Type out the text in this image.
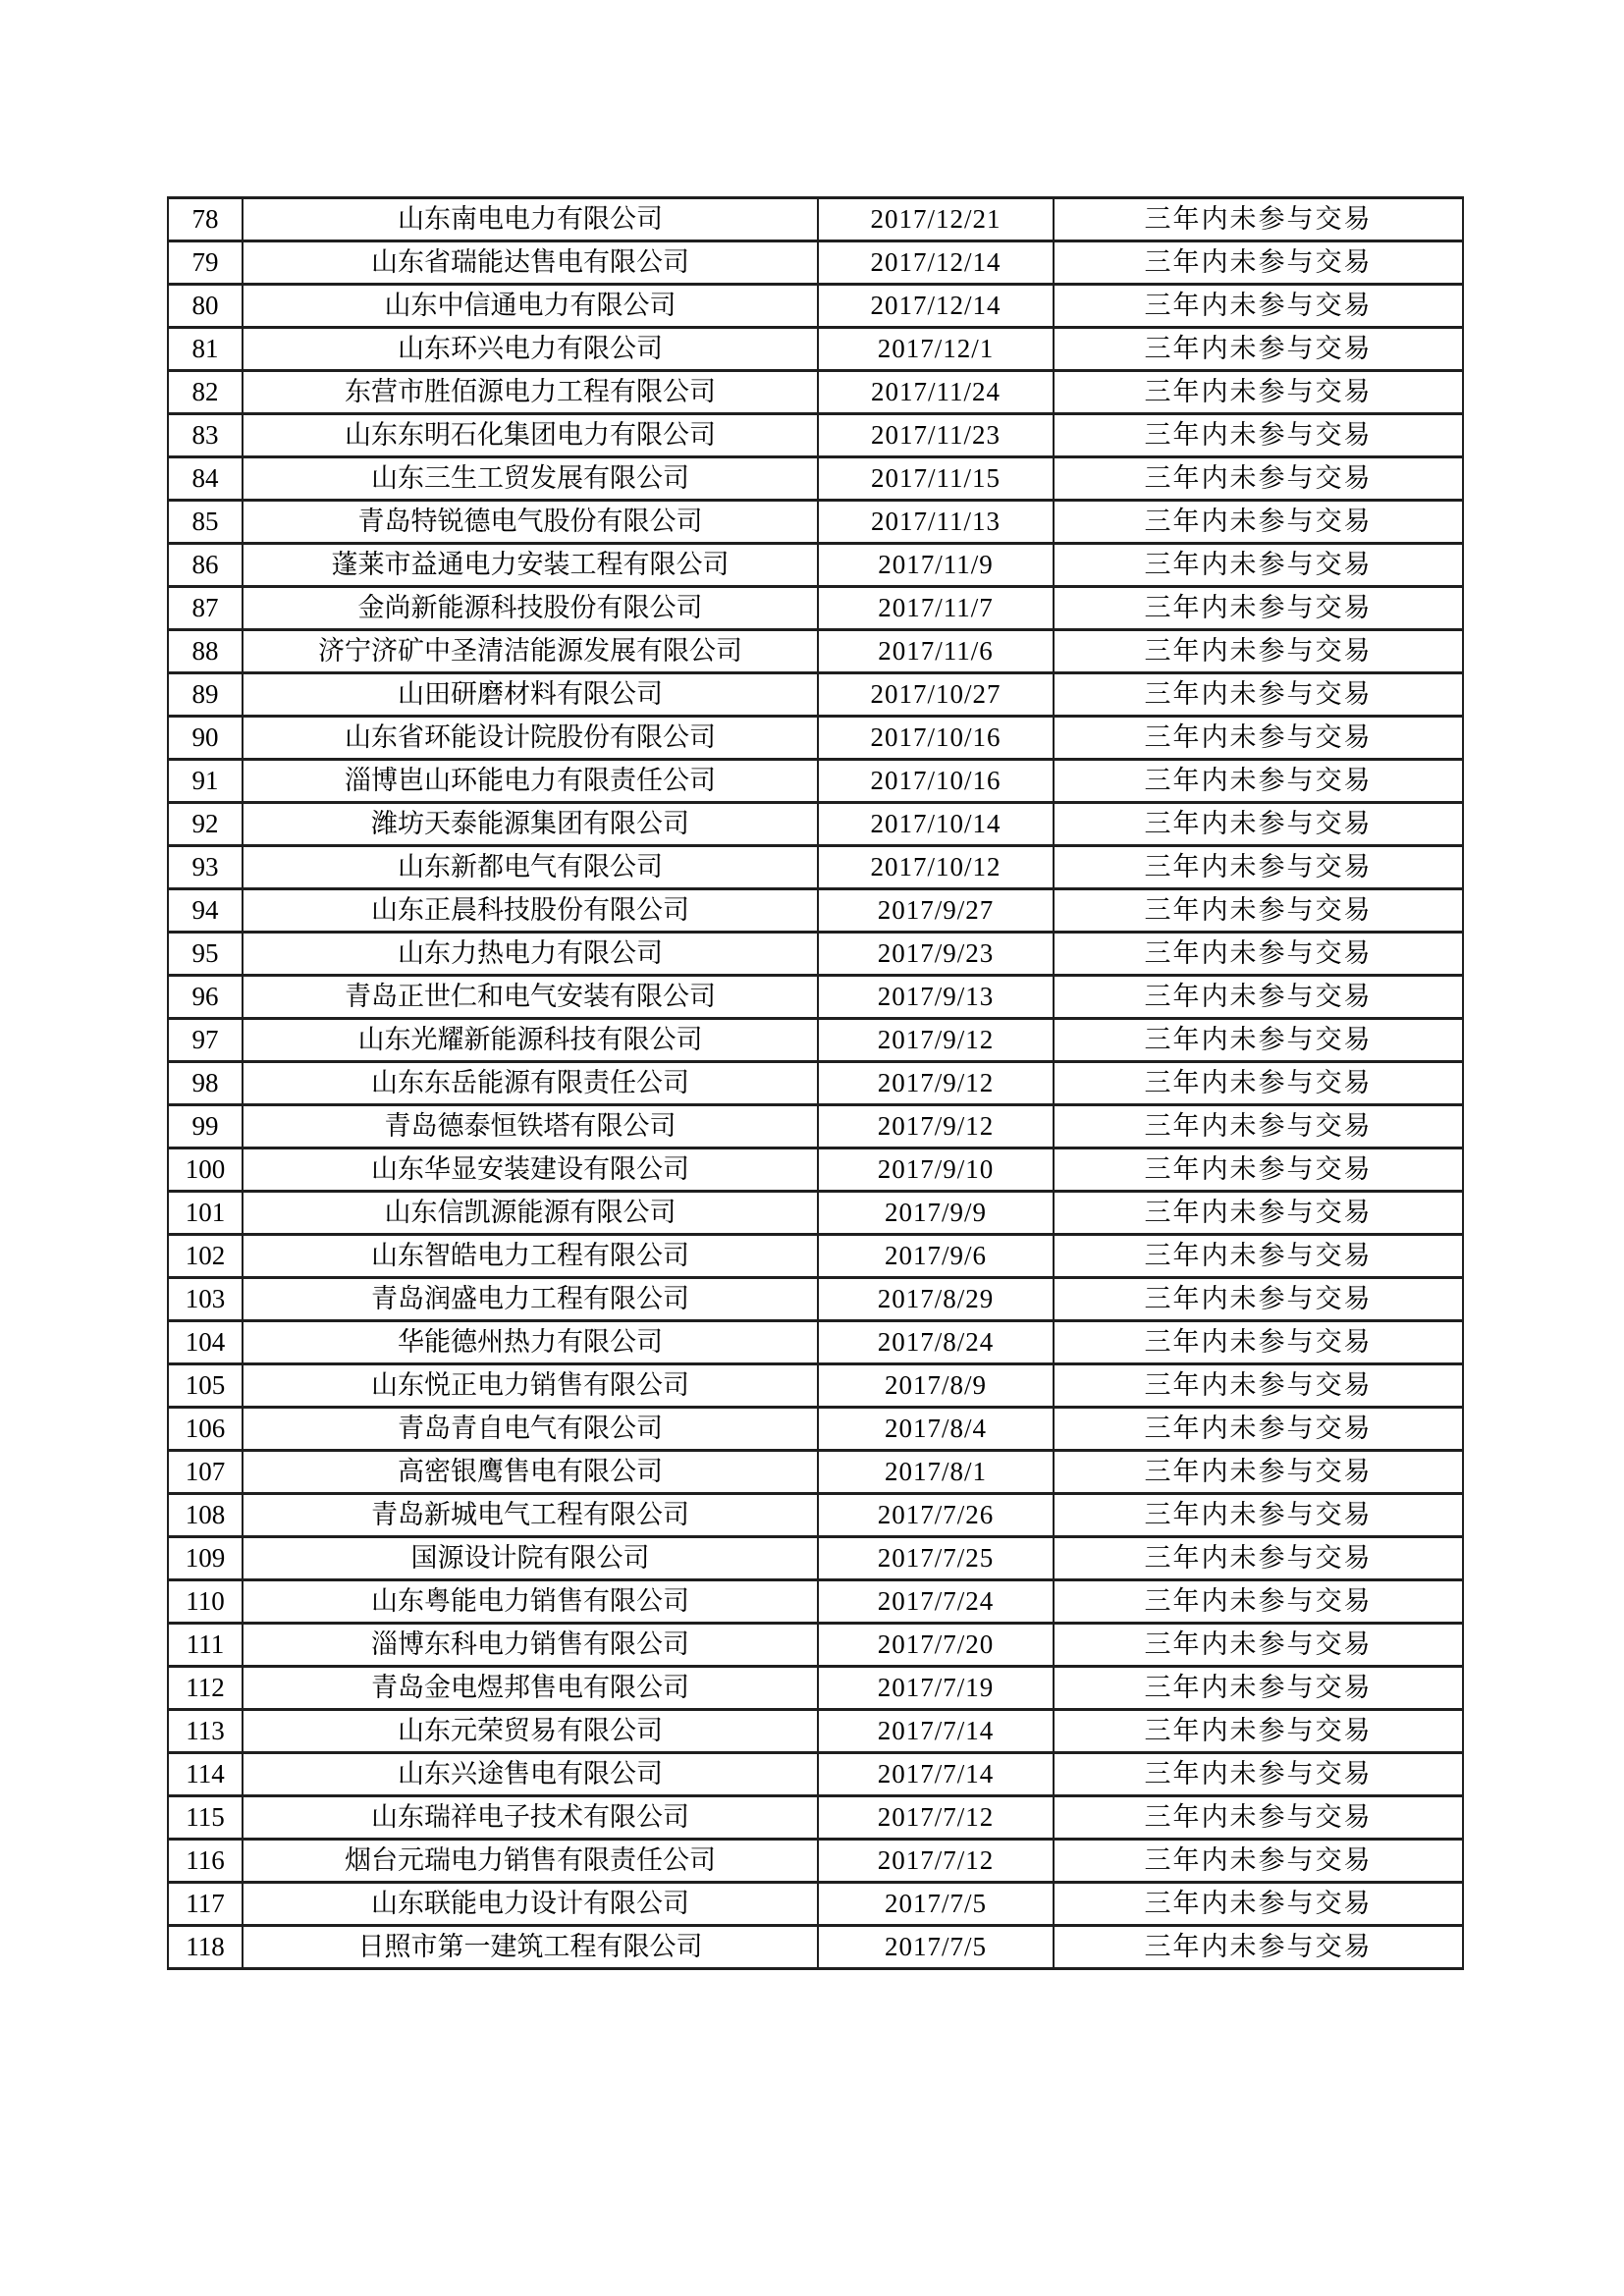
78	山东南电电力有限公司	2017/12/21	三年内未参与交易
79	山东省瑞能达售电有限公司	2017/12/14	三年内未参与交易
80	山东中信通电力有限公司	2017/12/14	三年内未参与交易
81	山东环兴电力有限公司	2017/12/1	三年内未参与交易
82	东营市胜佰源电力工程有限公司	2017/11/24	三年内未参与交易
83	山东东明石化集团电力有限公司	2017/11/23	三年内未参与交易
84	山东三生工贸发展有限公司	2017/11/15	三年内未参与交易
85	青岛特锐德电气股份有限公司	2017/11/13	三年内未参与交易
86	蓬莱市益通电力安装工程有限公司	2017/11/9	三年内未参与交易
87	金尚新能源科技股份有限公司	2017/11/7	三年内未参与交易
88	济宁济矿中圣清洁能源发展有限公司	2017/11/6	三年内未参与交易
89	山田研磨材料有限公司	2017/10/27	三年内未参与交易
90	山东省环能设计院股份有限公司	2017/10/16	三年内未参与交易
91	淄博岜山环能电力有限责任公司	2017/10/16	三年内未参与交易
92	潍坊天泰能源集团有限公司	2017/10/14	三年内未参与交易
93	山东新都电气有限公司	2017/10/12	三年内未参与交易
94	山东正晨科技股份有限公司	2017/9/27	三年内未参与交易
95	山东力热电力有限公司	2017/9/23	三年内未参与交易
96	青岛正世仁和电气安装有限公司	2017/9/13	三年内未参与交易
97	山东光耀新能源科技有限公司	2017/9/12	三年内未参与交易
98	山东东岳能源有限责任公司	2017/9/12	三年内未参与交易
99	青岛德泰恒铁塔有限公司	2017/9/12	三年内未参与交易
100	山东华显安装建设有限公司	2017/9/10	三年内未参与交易
101	山东信凯源能源有限公司	2017/9/9	三年内未参与交易
102	山东智皓电力工程有限公司	2017/9/6	三年内未参与交易
103	青岛润盛电力工程有限公司	2017/8/29	三年内未参与交易
104	华能德州热力有限公司	2017/8/24	三年内未参与交易
105	山东悦正电力销售有限公司	2017/8/9	三年内未参与交易
106	青岛青自电气有限公司	2017/8/4	三年内未参与交易
107	高密银鹰售电有限公司	2017/8/1	三年内未参与交易
108	青岛新城电气工程有限公司	2017/7/26	三年内未参与交易
109	国源设计院有限公司	2017/7/25	三年内未参与交易
110	山东粤能电力销售有限公司	2017/7/24	三年内未参与交易
111	淄博东科电力销售有限公司	2017/7/20	三年内未参与交易
112	青岛金电煜邦售电有限公司	2017/7/19	三年内未参与交易
113	山东元荣贸易有限公司	2017/7/14	三年内未参与交易
114	山东兴途售电有限公司	2017/7/14	三年内未参与交易
115	山东瑞祥电子技术有限公司	2017/7/12	三年内未参与交易
116	烟台元瑞电力销售有限责任公司	2017/7/12	三年内未参与交易
117	山东联能电力设计有限公司	2017/7/5	三年内未参与交易
118	日照市第一建筑工程有限公司	2017/7/5	三年内未参与交易
